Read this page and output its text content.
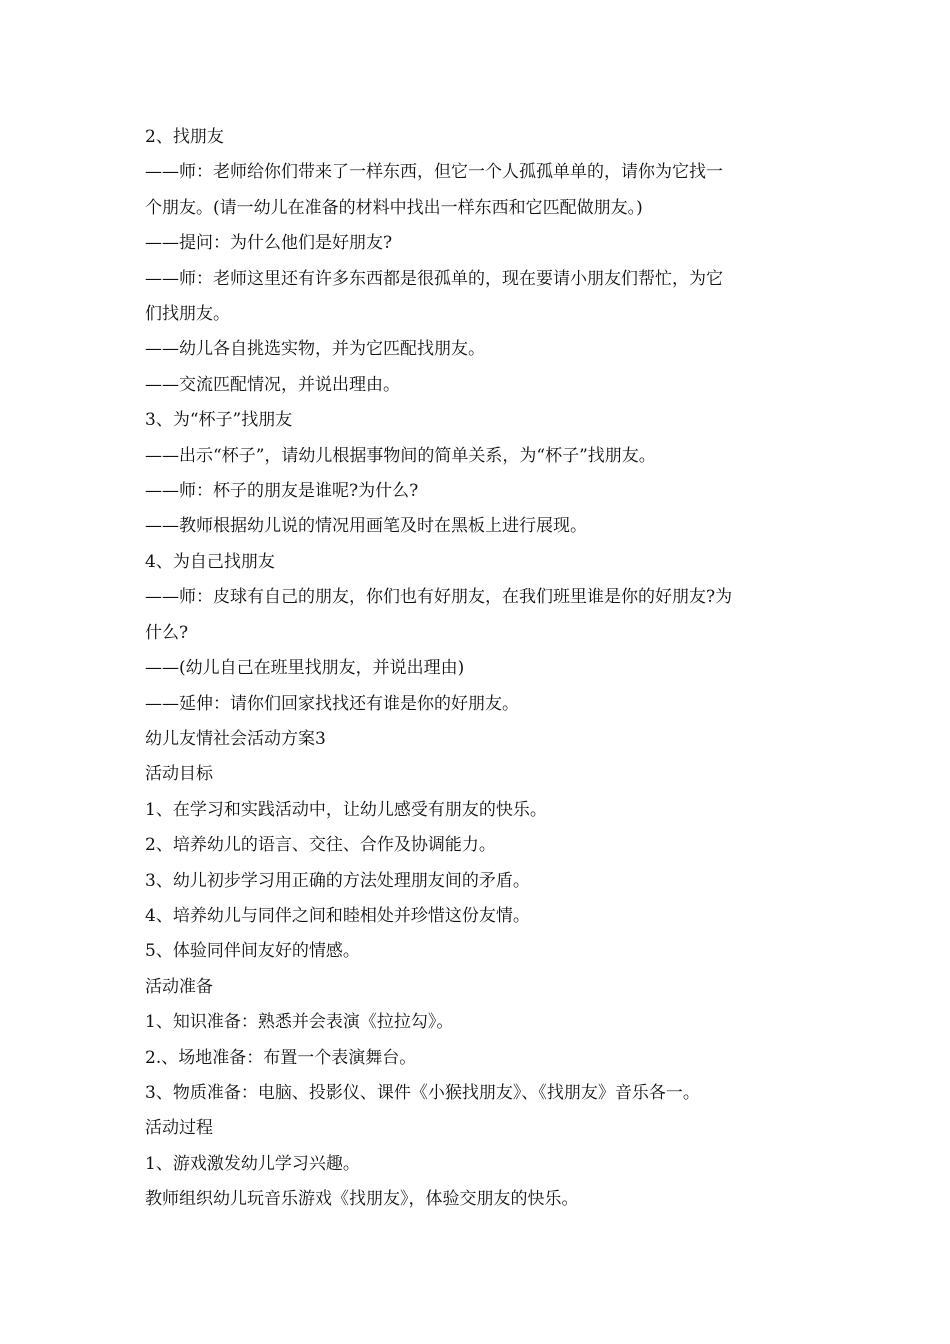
2、找朋友

——师：老师给你们带来了一样东西，但它一个人孤孤单单的，请你为它找一

个朋友。(请一幼儿在准备的材料中找出一样东西和它匹配做朋友。)

——提问：为什么他们是好朋友?

——师：老师这里还有许多东西都是很孤单的，现在要请小朋友们帮忙，为它

们找朋友。

——幼儿各自挑选实物，并为它匹配找朋友。

——交流匹配情况，并说出理由。

3、为“杯子”找朋友

——出示“杯子”，请幼儿根据事物间的简单关系，为“杯子”找朋友。

——师：杯子的朋友是谁呢?为什么?

——教师根据幼儿说的情况用画笔及时在黑板上进行展现。

4、为自己找朋友

——师：皮球有自己的朋友，你们也有好朋友，在我们班里谁是你的好朋友?为

什么?

——(幼儿自己在班里找朋友，并说出理由)

——延伸：请你们回家找找还有谁是你的好朋友。

幼儿友情社会活动方案3

活动目标

1、在学习和实践活动中，让幼儿感受有朋友的快乐。

2、培养幼儿的语言、交往、合作及协调能力。

3、幼儿初步学习用正确的方法处理朋友间的矛盾。

4、培养幼儿与同伴之间和睦相处并珍惜这份友情。

5、体验同伴间友好的情感。

活动准备

1、知识准备：熟悉并会表演《拉拉勾》。

2.、场地准备：布置一个表演舞台。

3、物质准备：电脑、投影仪、课件《小猴找朋友》、《找朋友》音乐各一。

活动过程

1、游戏激发幼儿学习兴趣。

教师组织幼儿玩音乐游戏《找朋友》，体验交朋友的快乐。
